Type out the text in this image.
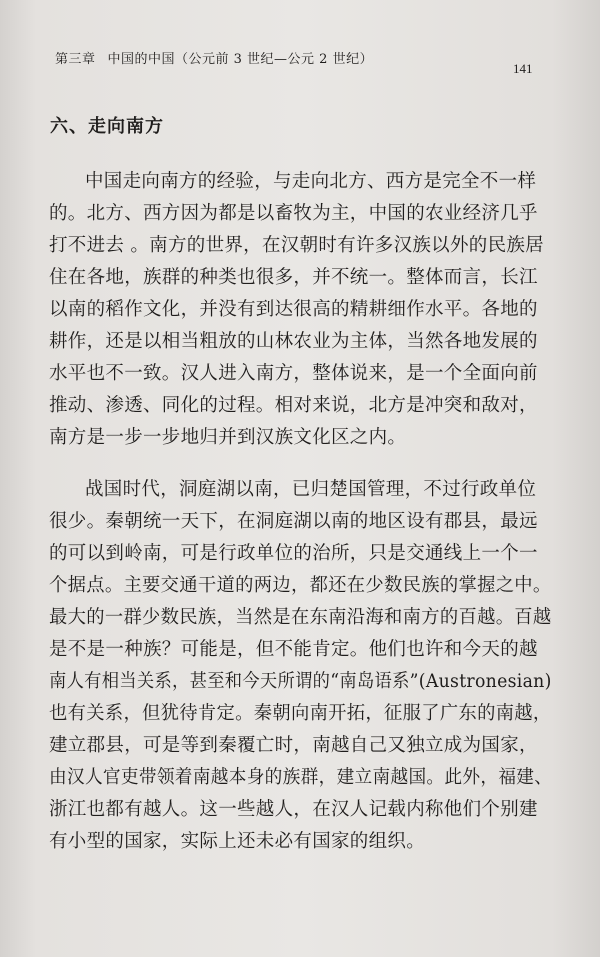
第三章 中国的中国（公元前 3 世纪—公元 2 世纪）
141
六、走向南方
中国走向南方的经验，与走向北方、西方是完全不一样
的。北方、西方因为都是以畜牧为主，中国的农业经济几乎
打不进去 。南方的世界，在汉朝时有许多汉族以外的民族居
住在各地，族群的种类也很多，并不统一。整体而言，长江
以南的稻作文化，并没有到达很高的精耕细作水平。各地的
耕作，还是以相当粗放的山林农业为主体，当然各地发展的
水平也不一致。汉人进入南方，整体说来，是一个全面向前
推动、渗透、同化的过程。相对来说，北方是冲突和敌对，
南方是一步一步地归并到汉族文化区之内。
战国时代，洞庭湖以南，已归楚国管理，不过行政单位
很少。秦朝统一天下，在洞庭湖以南的地区设有郡县，最远
的可以到岭南，可是行政单位的治所，只是交通线上一个一
个据点。主要交通干道的两边，都还在少数民族的掌握之中。
最大的一群少数民族，当然是在东南沿海和南方的百越。百越
是不是一种族？可能是，但不能肯定。他们也许和今天的越
南人有相当关系，甚至和今天所谓的“南岛语系”(Austronesian)
也有关系，但犹待肯定。秦朝向南开拓，征服了广东的南越，
建立郡县，可是等到秦覆亡时，南越自己又独立成为国家，
由汉人官吏带领着南越本身的族群，建立南越国。此外，福建、
浙江也都有越人。这一些越人，在汉人记载内称他们个别建
有小型的国家，实际上还未必有国家的组织。
